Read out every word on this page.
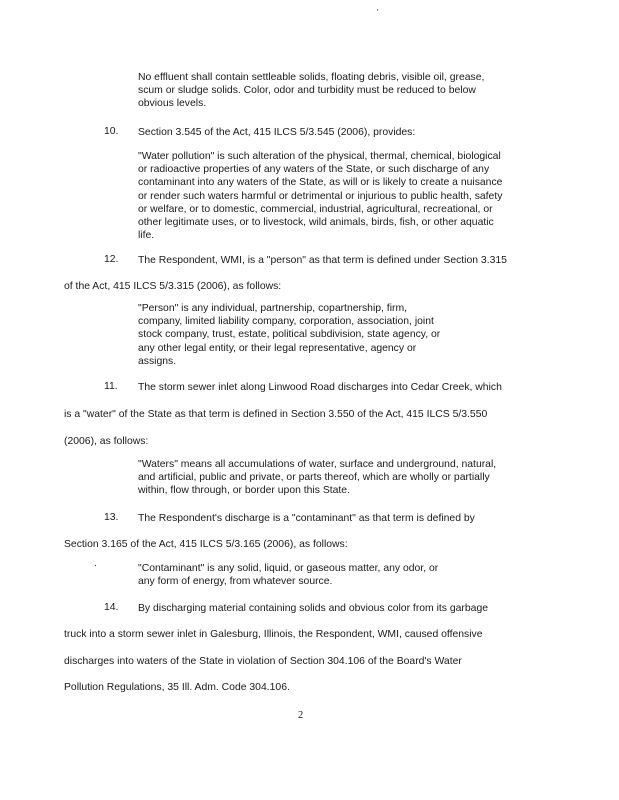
'
No effluent shall contain settleable solids, floating debris, visible oil, grease,
scum or sludge solids. Color, odor and turbidity must be reduced to below
obvious levels.
10. Section 3.545 of the Act, 415 ILCS 5/3.545 (2006), provides:
"Water pollution" is such alteration of the physical, thermal, chemical, biological
or radioactive properties of any waters of the State, or such discharge of any
contaminant into any waters of the State, as will or is likely to create a nuisance
or render such waters harmful or detrimental or injurious to public health, safety
or welfare, or to domestic, commercial, industrial, agricultural, recreational, or
other legitimate uses, or to livestock, wild animals, birds, fish, or other aquatic
life.
12. The Respondent, WMI, is a "person" as that term is defined under Section 3.315
of the Act, 415 ILCS 5/3.315 (2006), as follows:
"Person" is any individual, partnership, copartnership, firm,
company, limited liability company, corporation, association, joint
stock company, trust, estate, political subdivision, state agency, or
any other legal entity, or their legal representative, agency or
assigns.
11. The storm sewer inlet along Linwood Road discharges into Cedar Creek, which
is a "water" of the State as that term is defined in Section 3.550 of the Act, 415 ILCS 5/3.550
(2006), as follows:
"Waters" means all accumulations of water, surface and underground, natural,
and artificial, public and private, or parts thereof, which are wholly or partially
within, flow through, or border upon this State.
13. The Respondent's discharge is a "contaminant" as that term is defined by
Section 3.165 of the Act, 415 ILCS 5/3.165 (2006), as follows:
.	"Contaminant" is any solid, liquid, or gaseous matter, any odor, or
any form of energy, from whatever source.
14. By discharging material containing solids and obvious color from its garbage
truck into a storm sewer inlet in Galesburg, Illinois, the Respondent, WMI, caused offensive
discharges into waters of the State in violation of Section 304.106 of the Board's Water
Pollution Regulations, 35 Ill. Adm. Code 304.106.
2
